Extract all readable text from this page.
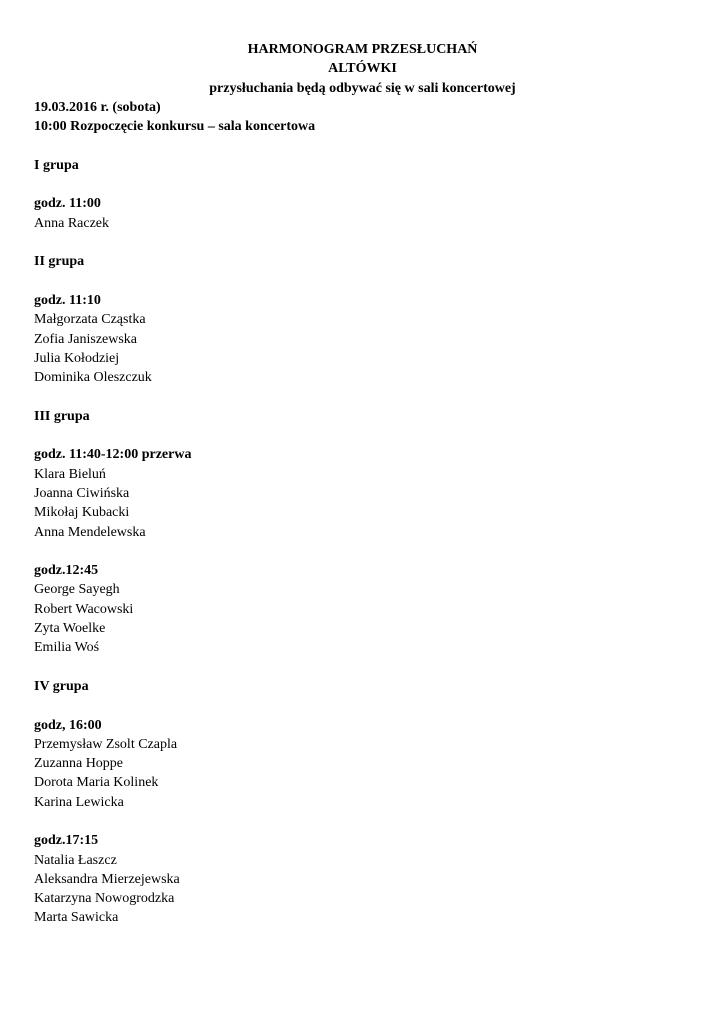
HARMONOGRAM PRZESŁUCHAŃ
ALTÓWKI
przysłuchania będą odbywać się w sali koncertowej
19.03.2016 r. (sobota)
10:00 Rozpoczęcie konkursu – sala koncertowa
I grupa
godz. 11:00
Anna Raczek
II grupa
godz. 11:10
Małgorzata Cząstka
Zofia Janiszewska
Julia Kołodziej
Dominika Oleszczuk
III grupa
godz. 11:40-12:00 przerwa
Klara Bieluń
Joanna Ciwińska
Mikołaj Kubacki
Anna Mendelewska
godz.12:45
George Sayegh
Robert Wacowski
Zyta Woelke
Emilia Woś
IV grupa
godz, 16:00
Przemysław Zsolt Czapla
Zuzanna Hoppe
Dorota Maria Kolinek
Karina Lewicka
godz.17:15
Natalia Łaszcz
Aleksandra Mierzejewska
Katarzyna Nowogrodzka
Marta Sawicka
